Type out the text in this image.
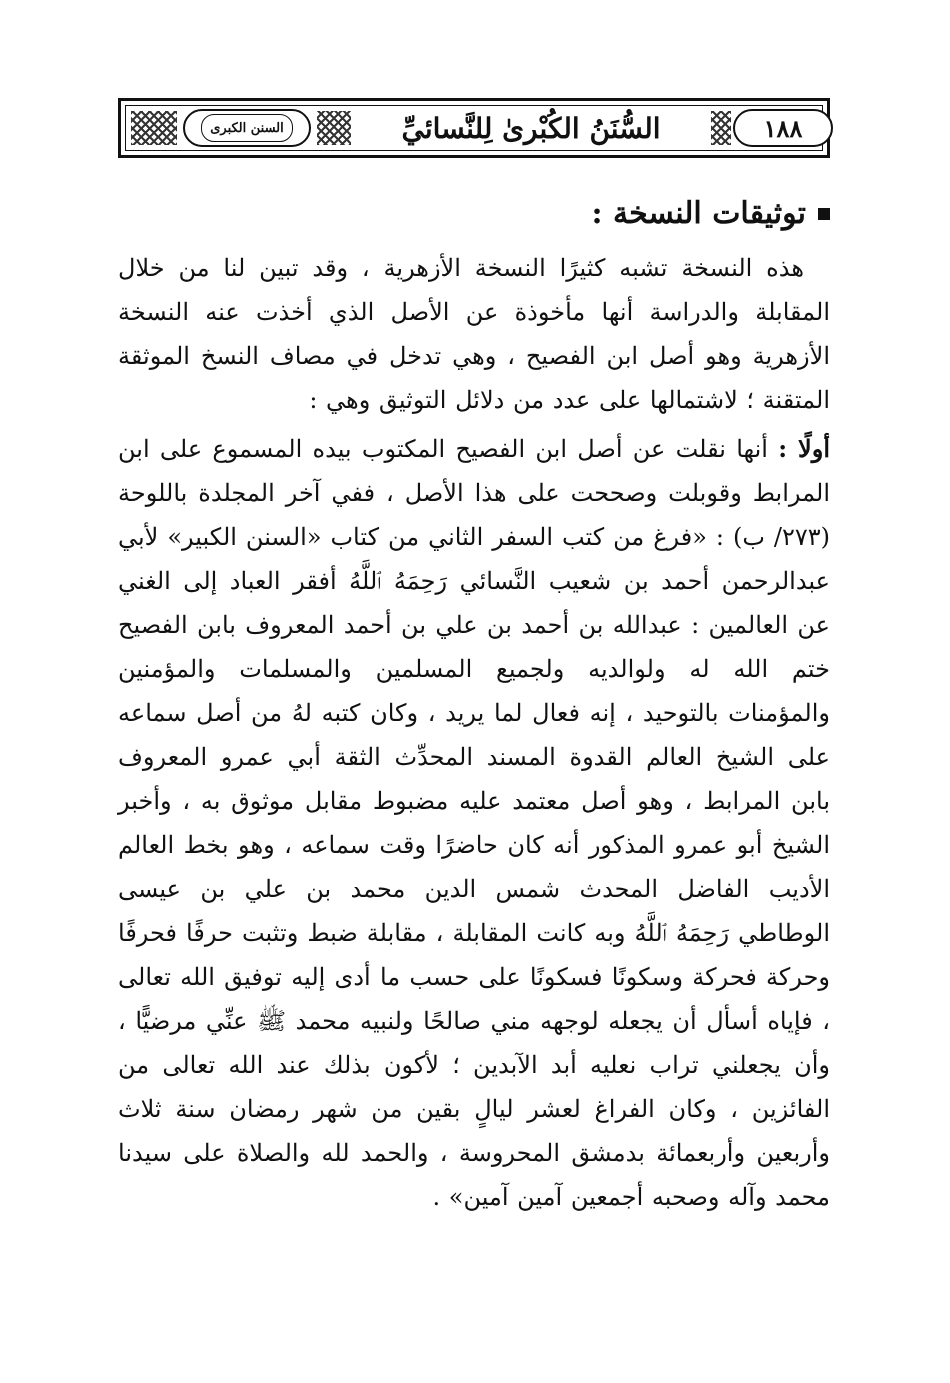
السنن الكبرى	السُّنَنُ الكُبْرىٰ لِلنَّسائيِّ	١٨٨
توثيقات النسخة :

هذه النسخة تشبه كثيرًا النسخة الأزهرية ، وقد تبين لنا من خلال المقابلة والدراسة أنها مأخوذة عن الأصل الذي أخذت عنه النسخة الأزهرية وهو أصل ابن الفصيح ، وهي تدخل في مصاف النسخ الموثقة المتقنة ؛ لاشتمالها على عدد من دلائل التوثيق وهي :

أولًا : أنها نقلت عن أصل ابن الفصيح المكتوب بيده المسموع على ابن المرابط وقوبلت وصححت على هذا الأصل ، ففي آخر المجلدة باللوحة (٢٧٣/ ب) : «فرغ من كتب السفر الثاني من كتاب «السنن الكبير» لأبي عبدالرحمن أحمد بن شعيب النَّسائي رَحِمَهُ ٱللَّهُ أفقر العباد إلى الغني عن العالمين : عبدالله بن أحمد بن علي بن أحمد المعروف بابن الفصيح ختم الله له ولوالديه ولجميع المسلمين والمسلمات والمؤمنين والمؤمنات بالتوحيد ، إنه فعال لما يريد ، وكان كتبه لهُ من أصل سماعه على الشيخ العالم القدوة المسند المحدِّث الثقة أبي عمرو المعروف بابن المرابط ، وهو أصل معتمد عليه مضبوط مقابل موثوق به ، وأخبر الشيخ أبو عمرو المذكور أنه كان حاضرًا وقت سماعه ، وهو بخط العالم الأديب الفاضل المحدث شمس الدين محمد بن علي بن عيسى الوطاطي رَحِمَهُ ٱللَّهُ وبه كانت المقابلة ، مقابلة ضبط وتثبت حرفًا فحرفًا وحركة فحركة وسكونًا فسكونًا على حسب ما أدى إليه توفيق الله تعالى ، فإياه أسأل أن يجعله لوجهه مني صالحًا ولنبيه محمد ﷺ عنِّي مرضيًّا ، وأن يجعلني تراب نعليه أبد الآبدين ؛ لأكون بذلك عند الله تعالى من الفائزين ، وكان الفراغ لعشر ليالٍ بقين من شهر رمضان سنة ثلاث وأربعين وأربعمائة بدمشق المحروسة ، والحمد لله والصلاة على سيدنا محمد وآله وصحبه أجمعين آمين آمين» .
